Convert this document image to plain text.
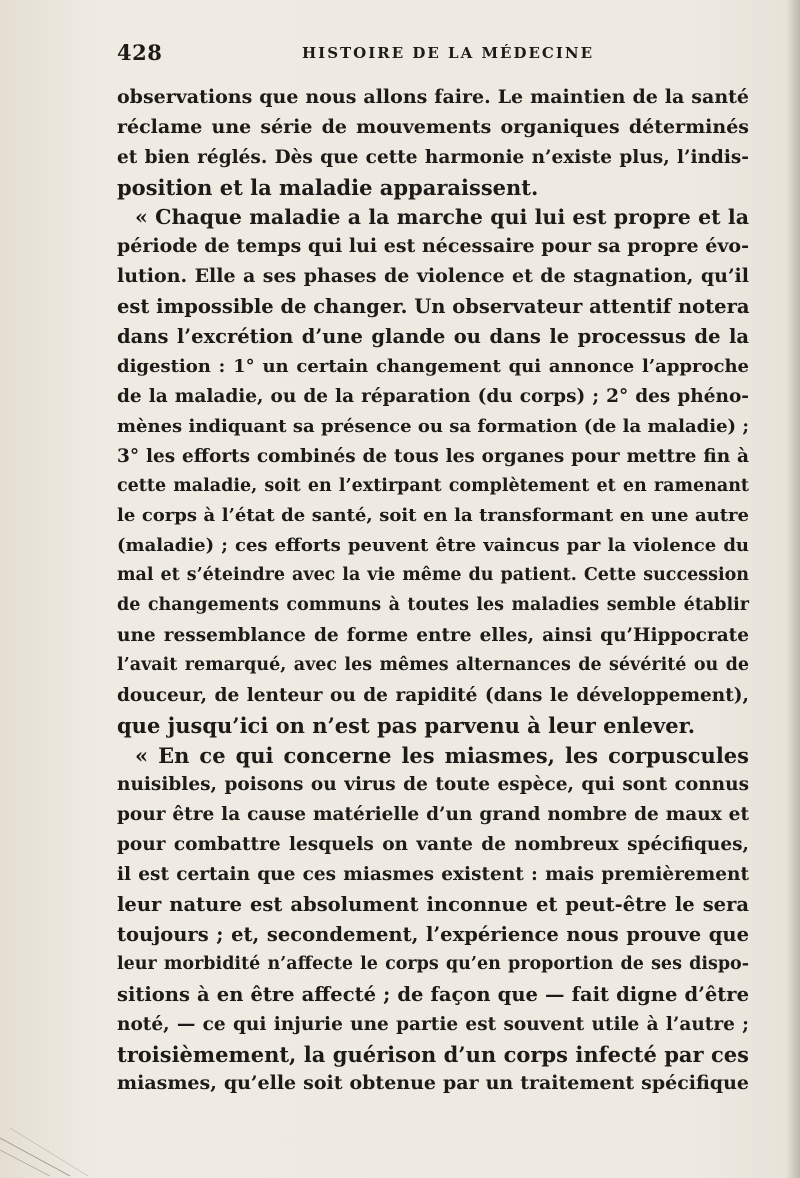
428	HISTOIRE DE LA MÉDECINE
observations que nous allons faire. Le maintien de la santé
réclame une série de mouvements organiques déterminés
et bien réglés. Dès que cette harmonie n’existe plus, l’indis-
position et la maladie apparaissent.
« Chaque maladie a la marche qui lui est propre et la
période de temps qui lui est nécessaire pour sa propre évo-
lution. Elle a ses phases de violence et de stagnation, qu’il
est impossible de changer. Un observateur attentif notera
dans l’excrétion d’une glande ou dans le processus de la
digestion : 1° un certain changement qui annonce l’approche
de la maladie, ou de la réparation (du corps) ; 2° des phéno-
mènes indiquant sa présence ou sa formation (de la maladie) ;
3° les efforts combinés de tous les organes pour mettre fin à
cette maladie, soit en l’extirpant complètement et en ramenant
le corps à l’état de santé, soit en la transformant en une autre
(maladie) ; ces efforts peuvent être vaincus par la violence du
mal et s’éteindre avec la vie même du patient. Cette succession
de changements communs à toutes les maladies semble établir
une ressemblance de forme entre elles, ainsi qu’Hippocrate
l’avait remarqué, avec les mêmes alternances de sévérité ou de
douceur, de lenteur ou de rapidité (dans le développement),
que jusqu’ici on n’est pas parvenu à leur enlever.
« En ce qui concerne les miasmes, les corpuscules
nuisibles, poisons ou virus de toute espèce, qui sont connus
pour être la cause matérielle d’un grand nombre de maux et
pour combattre lesquels on vante de nombreux spécifiques,
il est certain que ces miasmes existent : mais premièrement
leur nature est absolument inconnue et peut-être le sera
toujours ; et, secondement, l’expérience nous prouve que
leur morbidité n’affecte le corps qu’en proportion de ses dispo-
sitions à en être affecté ; de façon que — fait digne d’être
noté, — ce qui injurie une partie est souvent utile à l’autre ;
troisièmement, la guérison d’un corps infecté par ces
miasmes, qu’elle soit obtenue par un traitement spécifique
